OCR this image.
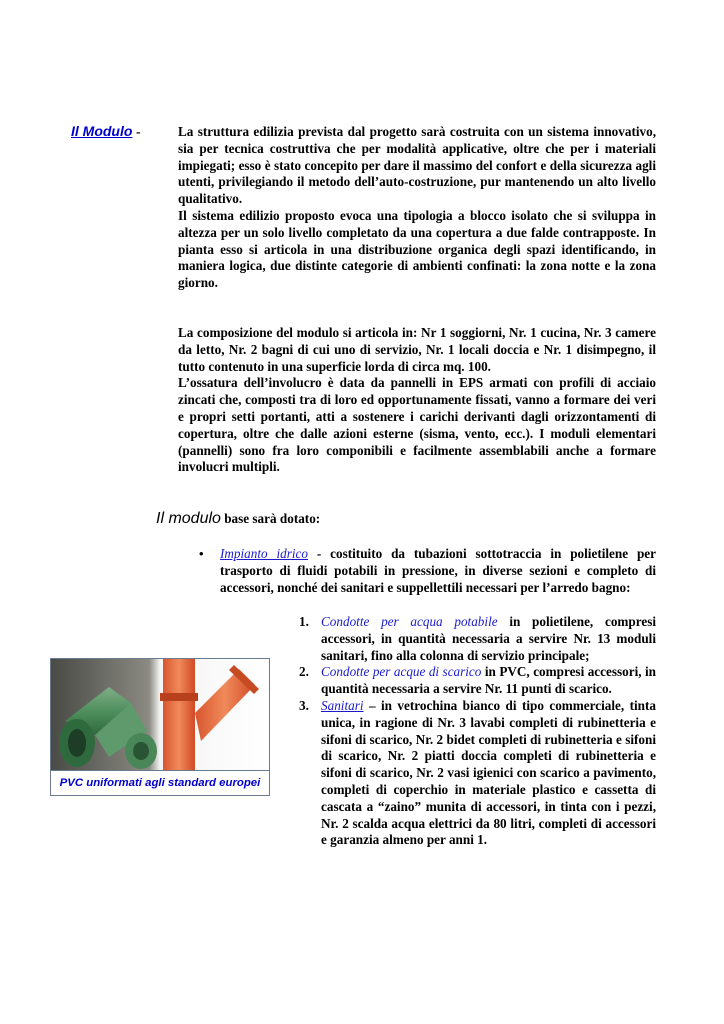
Il Modulo -	La struttura edilizia prevista dal progetto sarà costruita con un sistema innovativo, sia per tecnica costruttiva che per modalità applicative, oltre che per i materiali impiegati; esso è stato concepito per dare il massimo del confort e della sicurezza agli utenti, privilegiando il metodo dell’auto-costruzione, pur mantenendo un alto livello qualitativo.
Il sistema edilizio proposto evoca una tipologia a blocco isolato che si sviluppa in altezza per un solo livello completato da una copertura a due falde contrapposte. In pianta esso si articola in una distribuzione organica degli spazi identificando, in maniera logica, due distinte categorie di ambienti confinati: la zona notte e la zona giorno.
La composizione del modulo si articola in: Nr 1 soggiorni, Nr. 1 cucina, Nr. 3 camere da letto, Nr. 2 bagni di cui uno di servizio, Nr. 1 locali doccia e Nr. 1 disimpegno, il tutto contenuto in una superficie lorda di circa mq. 100.
L’ossatura dell’involucro è data da pannelli in EPS armati con profili di acciaio zincati che, composti tra di loro ed opportunamente fissati, vanno a formare dei veri e propri setti portanti, atti a sostenere i carichi derivanti dagli orizzontamenti di copertura, oltre che dalle azioni esterne (sisma, vento, ecc.). I moduli elementari (pannelli) sono fra loro componibili e facilmente assemblabili anche a formare involucri multipli.
Il modulo base sarà dotato:
• Impianto idrico - costituito da tubazioni sottotraccia in polietilene per trasporto di fluidi potabili in pressione, in diverse sezioni e completo di accessori, nonché dei sanitari e suppellettili necessari per l’arredo bagno:
1. Condotte per acqua potabile in polietilene, compresi accessori, in quantità necessaria a servire Nr. 13 moduli sanitari, fino alla colonna di servizio principale;
2. Condotte per acque di scarico in PVC, compresi accessori, in quantità necessaria a servire Nr. 11 punti di scarico.
3. Sanitari – in vetrochina bianco di tipo commerciale, tinta unica, in ragione di Nr. 3 lavabi completi di rubinetteria e sifoni di scarico, Nr. 2 bidet completi di rubinetteria e sifoni di scarico, Nr. 2 piatti doccia completi di rubinetteria e sifoni di scarico, Nr. 2 vasi igienici con scarico a pavimento, completi di coperchio in materiale plastico e cassetta di cascata a “zaino” munita di accessori, in tinta con i pezzi, Nr. 2 scalda acqua elettrici da 80 litri, completi di accessori e garanzia almeno per anni 1.
PVC uniformati agli standard europei
